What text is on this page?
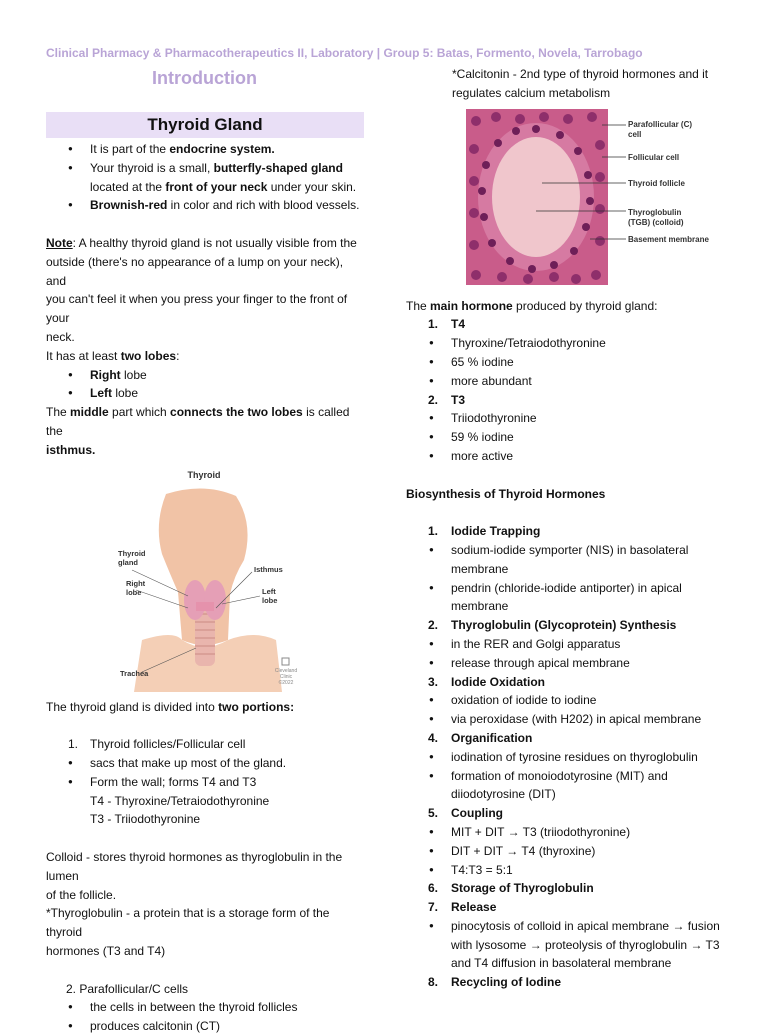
Clinical Pharmacy & Pharmacotherapeutics II, Laboratory | Group 5: Batas, Formento, Novela, Tarrobago
Introduction
Thyroid Gland
● It is part of the endocrine system.
● Your thyroid is a small, butterfly-shaped gland
located at the front of your neck under your skin.
● Brownish-red in color and rich with blood vessels.
Note: A healthy thyroid gland is not usually visible from the
outside (there's no appearance of a lump on your neck), and
you can't feel it when you press your finger to the front of your
neck.
It has at least two lobes:
● Right lobe
● Left lobe
The middle part which connects the two lobes is called the
isthmus.
Thyroid
Thyroid
gland
Right
lobe
Isthmus
Left
lobe
Trachea	Cleveland
Clinic
©2022
The thyroid gland is divided into two portions:
1. Thyroid follicles/Follicular cell
● sacs that make up most of the gland.
● Form the wall; forms T4 and T3
T4 - Thyroxine/Tetraiodothyronine
T3 - Triiodothyronine
Colloid - stores thyroid hormones as thyroglobulin in the lumen
of the follicle.
*Thyroglobulin - a protein that is a storage form of the thyroid
hormones (T3 and T4)
2. Parafollicular/C cells
● the cells in between the thyroid follicles
● produces calcitonin (CT)
*Calcitonin - 2nd type of thyroid hormones and it
regulates calcium metabolism
Parafollicular (C)
cell
Follicular cell
Thyroid follicle
Thyroglobulin
(TGB) (colloid)
Basement membrane
The main hormone produced by thyroid gland:
1. T4
● Thyroxine/Tetraiodothyronine
● 65 % iodine
● more abundant
2. T3
● Triiodothyronine
● 59 % iodine
● more active
Biosynthesis of Thyroid Hormones
1. Iodide Trapping
● sodium-iodide symporter (NIS) in basolateral
membrane
● pendrin (chloride-iodide antiporter) in apical
membrane
2. Thyroglobulin (Glycoprotein) Synthesis
● in the RER and Golgi apparatus
● release through apical membrane
3. Iodide Oxidation
● oxidation of iodide to iodine
● via peroxidase (with H202) in apical membrane
4. Organification
● iodination of tyrosine residues on thyroglobulin
● formation of monoiodotyrosine (MIT) and
diiodotyrosine (DIT)
5. Coupling
● MIT + DIT → T3 (triiodothyronine)
● DIT + DIT → T4 (thyroxine)
● T4:T3 = 5:1
6. Storage of Thyroglobulin
7. Release
● pinocytosis of colloid in apical membrane → fusion
with lysosome → proteolysis of thyroglobulin → T3
and T4 diffusion in basolateral membrane
8. Recycling of Iodine
